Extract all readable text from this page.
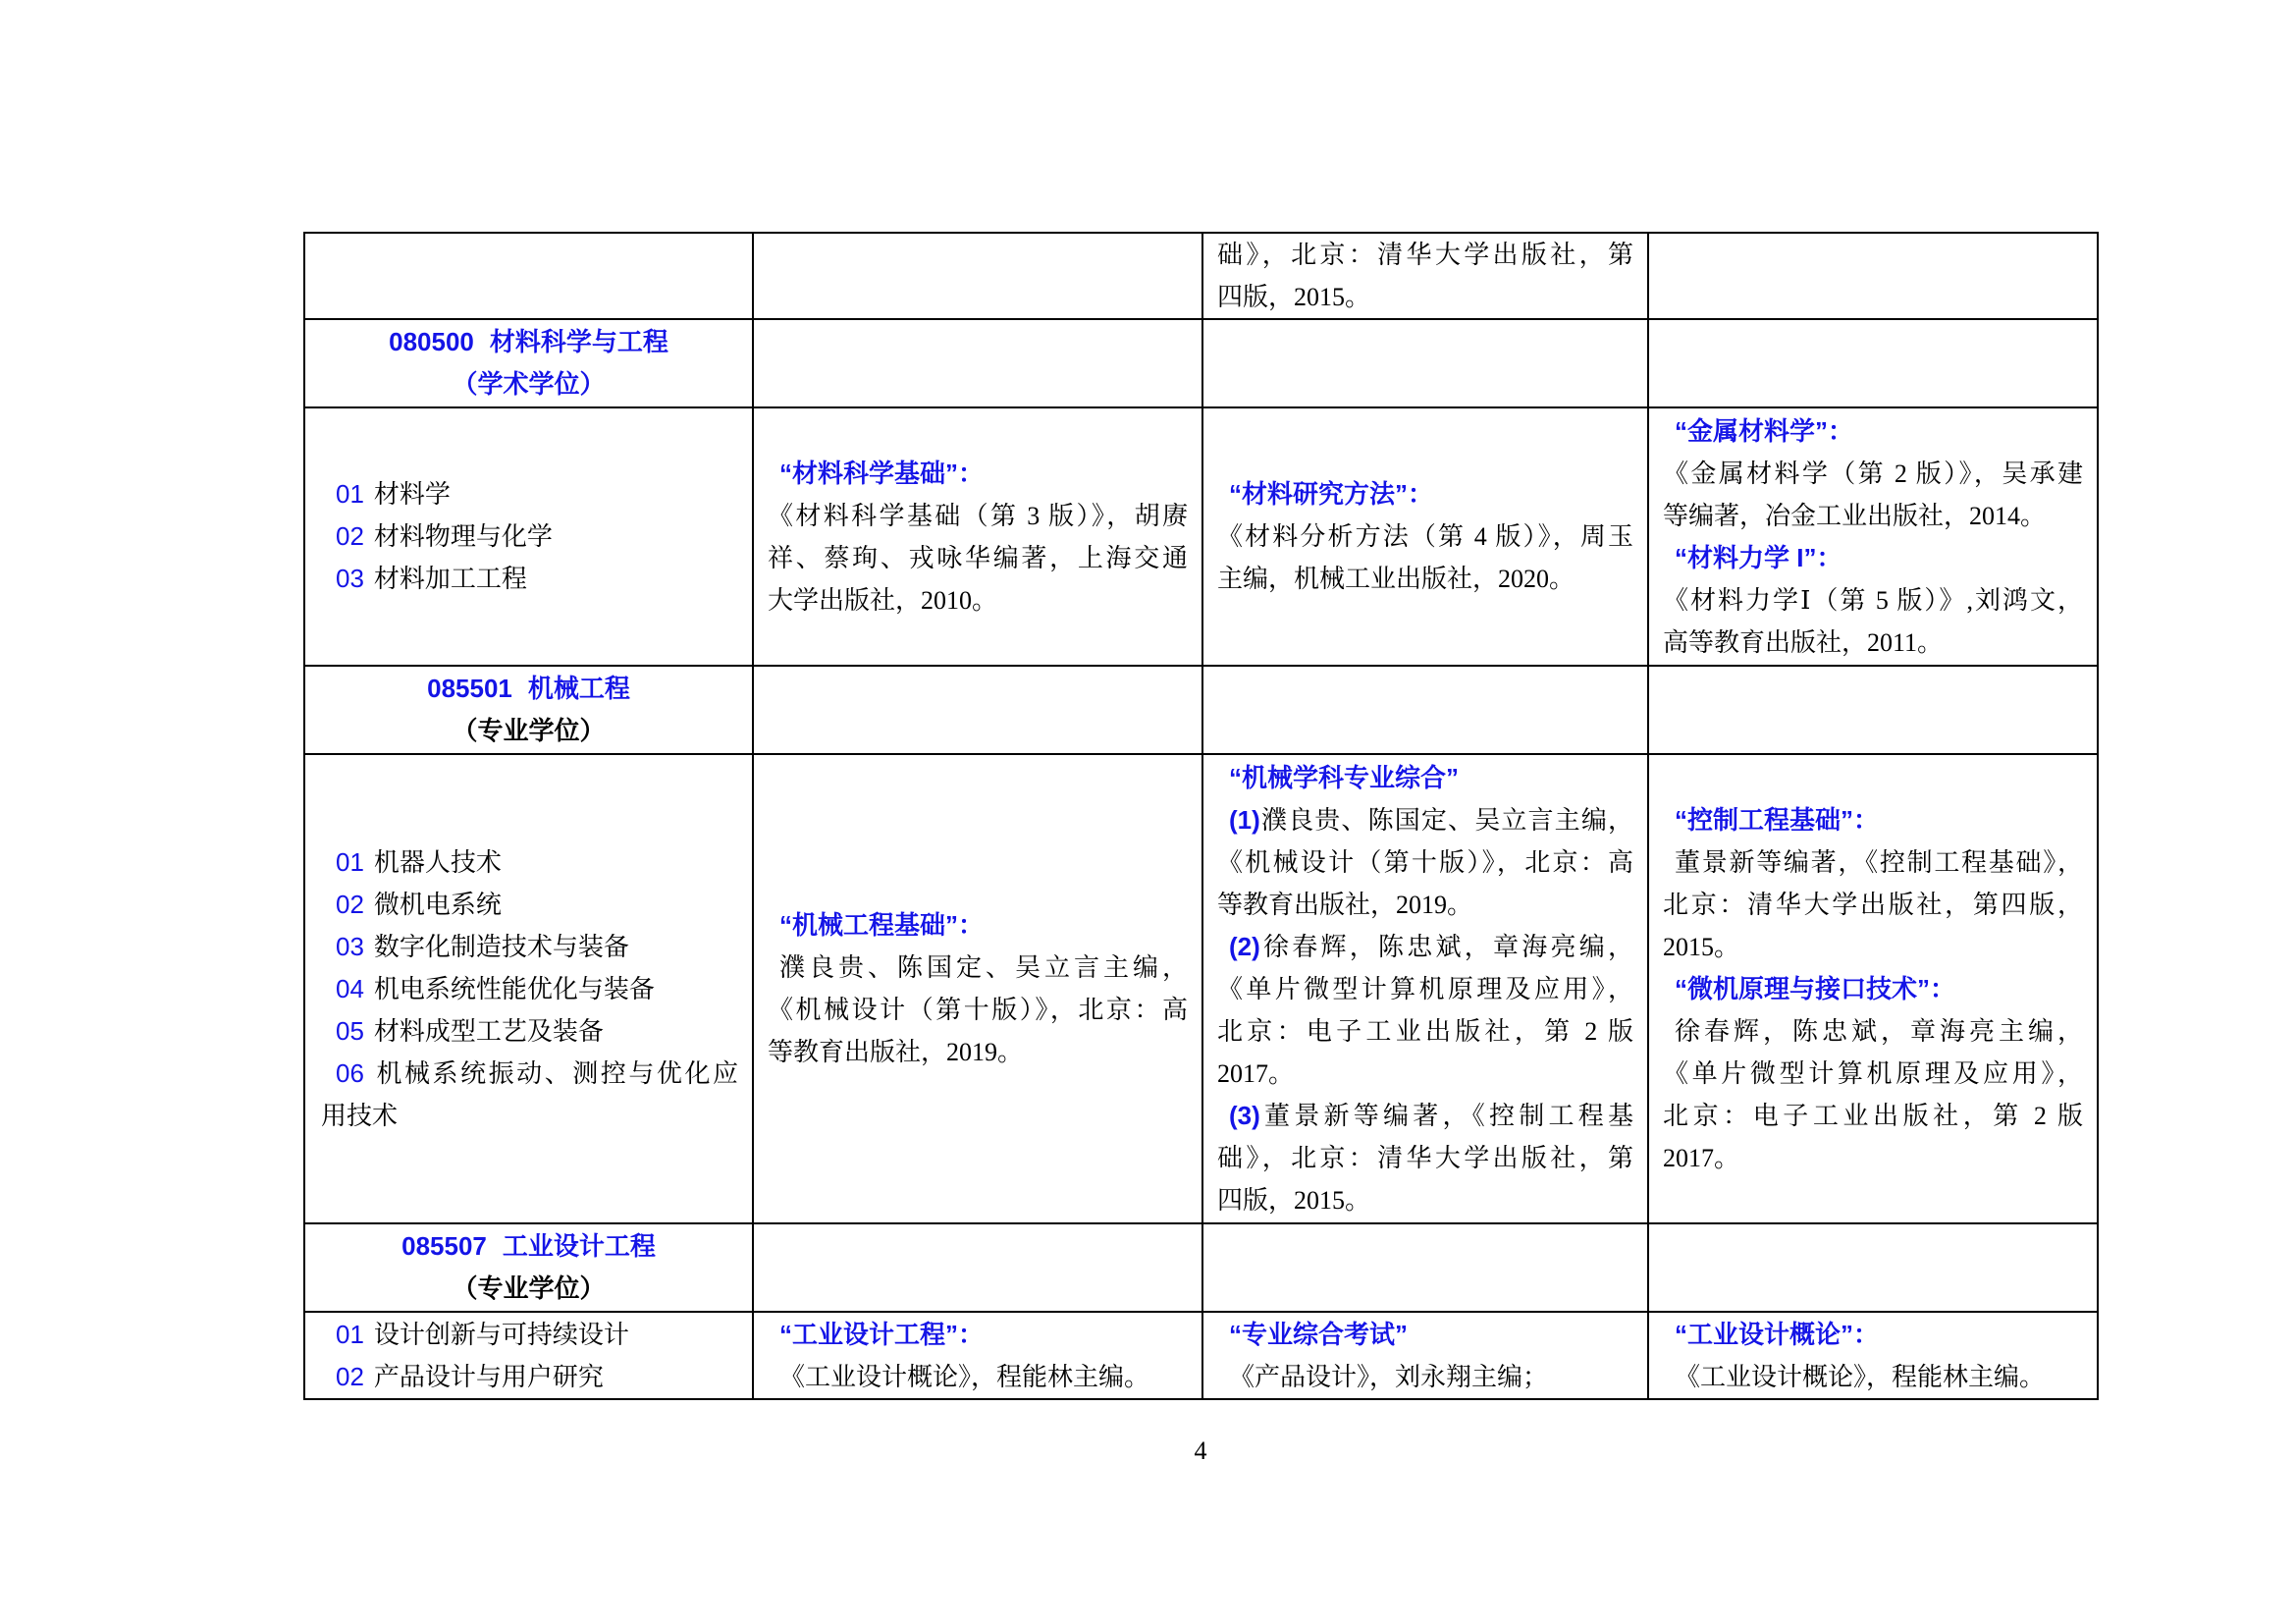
础》，北京：清华大学出版社，第
四版，2015。
080500 材料科学与工程
（学术学位）
01 材料学
02 材料物理与化学
03 材料加工工程
“材料科学基础”：
《材料科学基础（第 3 版）》，胡赓
祥、蔡珣、戎咏华编著，上海交通
大学出版社，2010。
“材料研究方法”：
《材料分析方法（第 4 版）》，周玉
主编，机械工业出版社，2020。
“金属材料学”：
《金属材料学（第 2 版）》，吴承建
等编著，冶金工业出版社，2014。
“材料力学 I”：
《材料力学Ⅰ（第 5 版）》,刘鸿文，
高等教育出版社，2011。
085501 机械工程
（专业学位）
01 机器人技术
02 微机电系统
03 数字化制造技术与装备
04 机电系统性能优化与装备
05 材料成型工艺及装备
06 机械系统振动、测控与优化应
用技术
“机械工程基础”：
濮良贵、陈国定、吴立言主编，
《机械设计（第十版）》，北京：高
等教育出版社，2019。
“机械学科专业综合”
(1)濮良贵、陈国定、吴立言主编，
《机械设计（第十版）》，北京：高
等教育出版社，2019。
(2)徐春辉，陈忠斌，章海亮编，
《单片微型计算机原理及应用》，
北京：电子工业出版社，第 2 版
2017。
(3)董景新等编著，《控制工程基
础》，北京：清华大学出版社，第
四版，2015。
“控制工程基础”：
董景新等编著，《控制工程基础》，
北京：清华大学出版社，第四版，
2015。
“微机原理与接口技术”：
徐春辉，陈忠斌，章海亮主编，
《单片微型计算机原理及应用》，
北京：电子工业出版社，第 2 版
2017。
085507 工业设计工程
（专业学位）
01 设计创新与可持续设计
02 产品设计与用户研究
“工业设计工程”：
《工业设计概论》，程能林主编。
“专业综合考试”
《产品设计》，刘永翔主编；
“工业设计概论”：
《工业设计概论》，程能林主编。
4
